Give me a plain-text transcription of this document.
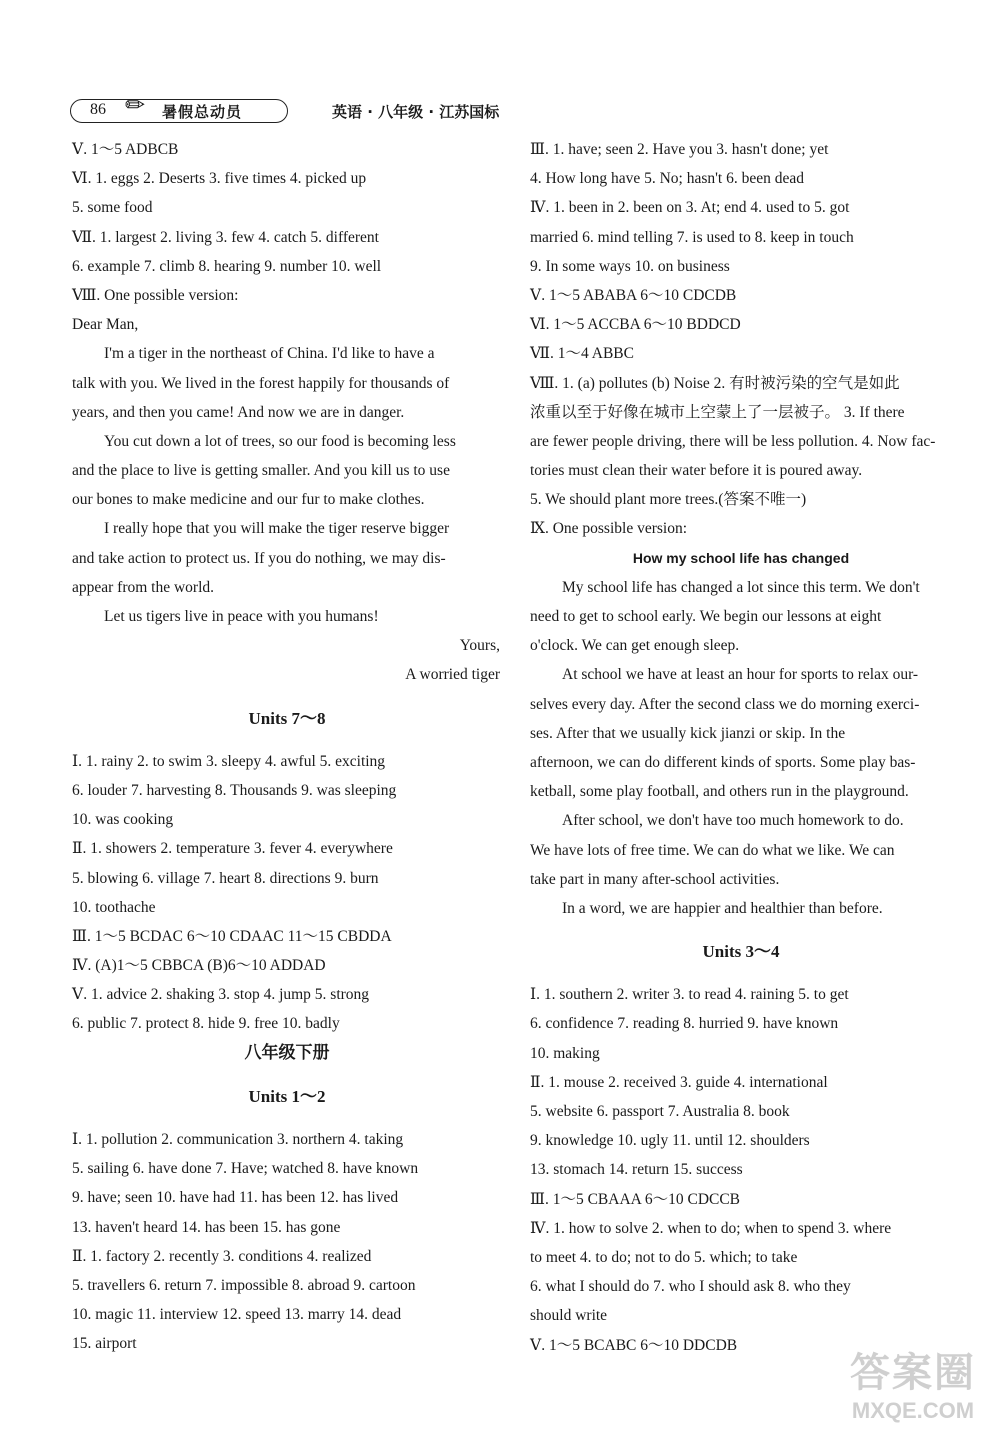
86 ✏ 暑假总动员	英语 · 八年级 · 江苏国标
Ⅴ. 1～5 ADBCB
Ⅵ. 1. eggs 2. Deserts 3. five times 4. picked up
5. some food
Ⅶ. 1. largest 2. living 3. few 4. catch 5. different
6. example 7. climb 8. hearing 9. number 10. well
Ⅷ. One possible version:
Dear Man,
I'm a tiger in the northeast of China. I'd like to have a
talk with you. We lived in the forest happily for thousands of
years, and then you came! And now we are in danger.
You cut down a lot of trees, so our food is becoming less
and the place to live is getting smaller. And you kill us to use
our bones to make medicine and our fur to make clothes.
I really hope that you will make the tiger reserve bigger
and take action to protect us. If you do nothing, we may dis-
appear from the world.
Let us tigers live in peace with you humans!
Yours,
A worried tiger
Units 7～8
Ⅰ. 1. rainy 2. to swim 3. sleepy 4. awful 5. exciting
6. louder 7. harvesting 8. Thousands 9. was sleeping
10. was cooking
Ⅱ. 1. showers 2. temperature 3. fever 4. everywhere
5. blowing 6. village 7. heart 8. directions 9. burn
10. toothache
Ⅲ. 1～5 BCDAC 6～10 CDAAC 11～15 CBDDA
Ⅳ. (A)1～5 CBBCA (B)6～10 ADDAD
Ⅴ. 1. advice 2. shaking 3. stop 4. jump 5. strong
6. public 7. protect 8. hide 9. free 10. badly
八年级下册
Units 1～2
Ⅰ. 1. pollution 2. communication 3. northern 4. taking
5. sailing 6. have done 7. Have; watched 8. have known
9. have; seen 10. have had 11. has been 12. has lived
13. haven't heard 14. has been 15. has gone
Ⅱ. 1. factory 2. recently 3. conditions 4. realized
5. travellers 6. return 7. impossible 8. abroad 9. cartoon
10. magic 11. interview 12. speed 13. marry 14. dead
15. airport
Ⅲ. 1. have; seen 2. Have you 3. hasn't done; yet
4. How long have 5. No; hasn't 6. been dead
Ⅳ. 1. been in 2. been on 3. At; end 4. used to 5. got
married 6. mind telling 7. is used to 8. keep in touch
9. In some ways 10. on business
Ⅴ. 1～5 ABABA 6～10 CDCDB
Ⅵ. 1～5 ACCBA 6～10 BDDCD
Ⅶ. 1～4 ABBC
Ⅷ. 1. (a) pollutes (b) Noise 2. 有时被污染的空气是如此
浓重以至于好像在城市上空蒙上了一层被子。 3. If there
are fewer people driving, there will be less pollution. 4. Now fac-
tories must clean their water before it is poured away.
5. We should plant more trees.(答案不唯一)
Ⅸ. One possible version:
How my school life has changed
My school life has changed a lot since this term. We don't
need to get to school early. We begin our lessons at eight
o'clock. We can get enough sleep.
At school we have at least an hour for sports to relax our-
selves every day. After the second class we do morning exerci-
ses. After that we usually kick jianzi or skip. In the
afternoon, we can do different kinds of sports. Some play bas-
ketball, some play football, and others run in the playground.
After school, we don't have too much homework to do.
We have lots of free time. We can do what we like. We can
take part in many after-school activities.
In a word, we are happier and healthier than before.
Units 3～4
Ⅰ. 1. southern 2. writer 3. to read 4. raining 5. to get
6. confidence 7. reading 8. hurried 9. have known
10. making
Ⅱ. 1. mouse 2. received 3. guide 4. international
5. website 6. passport 7. Australia 8. book
9. knowledge 10. ugly 11. until 12. shoulders
13. stomach 14. return 15. success
Ⅲ. 1～5 CBAAA 6～10 CDCCB
Ⅳ. 1. how to solve 2. when to do; when to spend 3. where
to meet 4. to do; not to do 5. which; to take
6. what I should do 7. who I should ask 8. who they
should write
Ⅴ. 1～5 BCABC 6～10 DDCDB
答案圈
MXQE.COM
